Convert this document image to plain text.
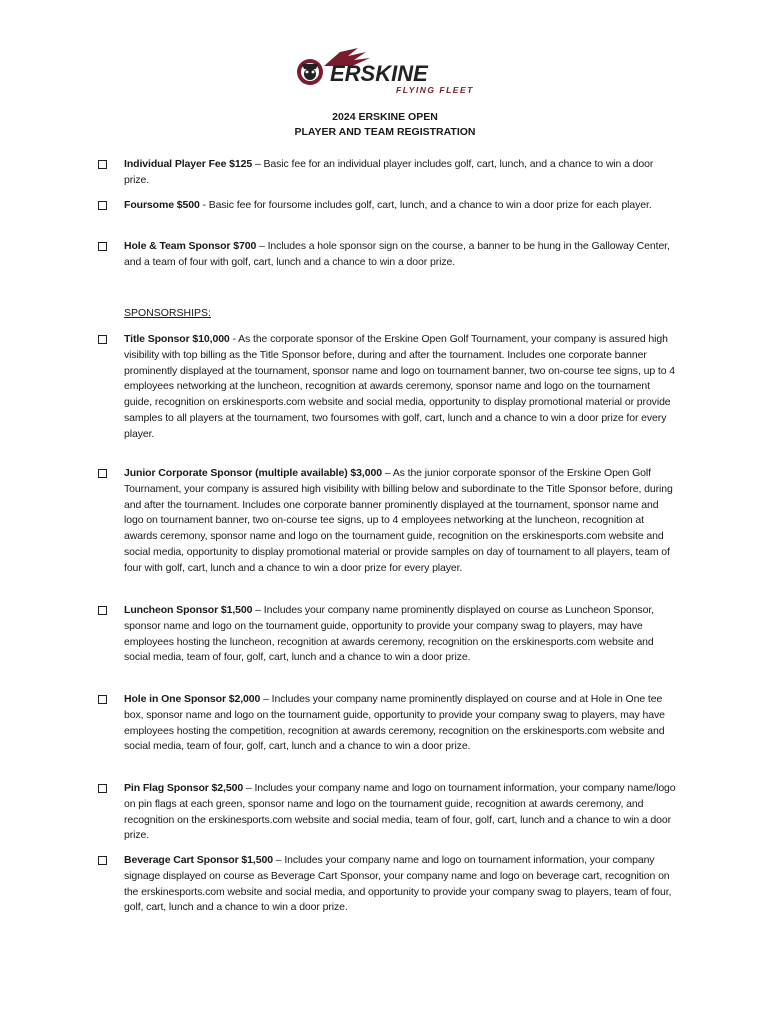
ERSKINE
FLYING FLEET
2024 ERSKINE OPEN
PLAYER AND TEAM REGISTRATION
Individual Player Fee $125 – Basic fee for an individual player includes golf, cart, lunch, and a chance to win a door prize.
Foursome $500 - Basic fee for foursome includes golf, cart, lunch, and a chance to win a door prize for each player.
Hole & Team Sponsor $700 – Includes a hole sponsor sign on the course, a banner to be hung in the Galloway Center, and a team of four with golf, cart, lunch and a chance to win a door prize.
SPONSORSHIPS:
Title Sponsor $10,000 - As the corporate sponsor of the Erskine Open Golf Tournament, your company is assured high visibility with top billing as the Title Sponsor before, during and after the tournament. Includes one corporate banner prominently displayed at the tournament, sponsor name and logo on tournament banner, two on-course tee signs, up to 4 employees networking at the luncheon, recognition at awards ceremony, sponsor name and logo on the tournament guide, recognition on erskinesports.com website and social media, opportunity to display promotional material or provide samples to all players at the tournament, two foursomes with golf, cart, lunch and a chance to win a door prize for every player.
Junior Corporate Sponsor (multiple available) $3,000 – As the junior corporate sponsor of the Erskine Open Golf Tournament, your company is assured high visibility with billing below and subordinate to the Title Sponsor before, during and after the tournament. Includes one corporate banner prominently displayed at the tournament, sponsor name and logo on tournament banner, two on-course tee signs, up to 4 employees networking at the luncheon, recognition at awards ceremony, sponsor name and logo on the tournament guide, recognition on the erskinesports.com website and social media, opportunity to display promotional material or provide samples on day of tournament to all players, team of four with golf, cart, lunch and a chance to win a door prize for every player.
Luncheon Sponsor $1,500 – Includes your company name prominently displayed on course as Luncheon Sponsor, sponsor name and logo on the tournament guide, opportunity to provide your company swag to players, may have employees hosting the luncheon, recognition at awards ceremony, recognition on the erskinesports.com website and social media, team of four, golf, cart, lunch and a chance to win a door prize.
Hole in One Sponsor $2,000 – Includes your company name prominently displayed on course and at Hole in One tee box, sponsor name and logo on the tournament guide, opportunity to provide your company swag to players, may have employees hosting the competition, recognition at awards ceremony, recognition on the erskinesports.com website and social media, team of four, golf, cart, lunch and a chance to win a door prize.
Pin Flag Sponsor $2,500 – Includes your company name and logo on tournament information, your company name/logo on pin flags at each green, sponsor name and logo on the tournament guide, recognition at awards ceremony, and recognition on the erskinesports.com website and social media, team of four, golf, cart, lunch and a chance to win a door prize.
Beverage Cart Sponsor $1,500 – Includes your company name and logo on tournament information, your company signage displayed on course as Beverage Cart Sponsor, your company name and logo on beverage cart, recognition on the erskinesports.com website and social media, and opportunity to provide your company swag to players, team of four, golf, cart, lunch and a chance to win a door prize.
